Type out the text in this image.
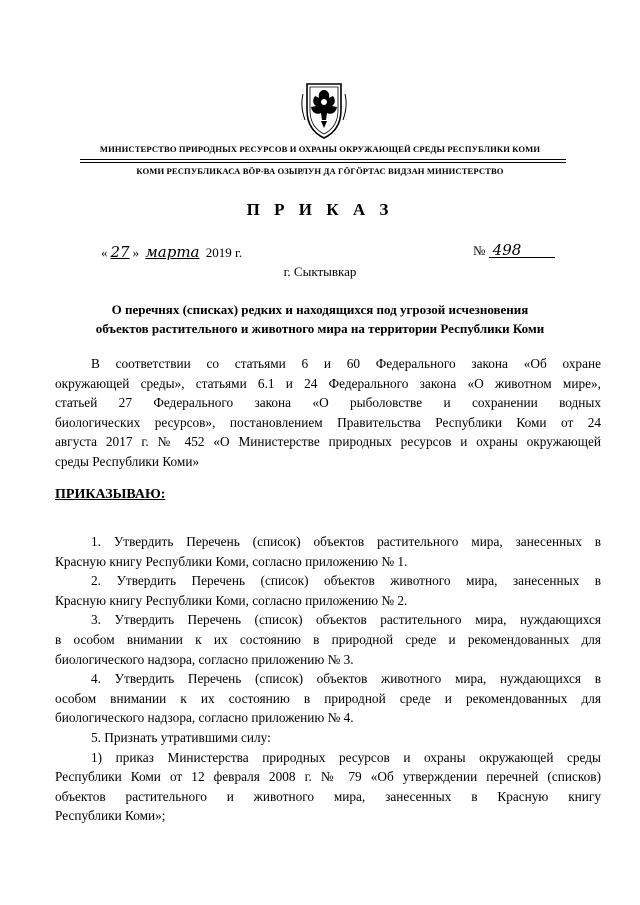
МИНИСТЕРСТВО ПРИРОДНЫХ РЕСУРСОВ И ОХРАНЫ ОКРУЖАЮЩЕЙ СРЕДЫ РЕСПУБЛИКИ КОМИ
КОМИ РЕСПУБЛИКАСА ВӦР-ВА ОЗЫРЛУН ДА ГӦГӦРТАС ВИДЗАН МИНИСТЕРСТВО
П Р И К А З
« 27 » марта 2019 г.	№ 498
г. Сыктывкар
О перечнях (списках) редких и находящихся под угрозой исчезновения
объектов растительного и животного мира на территории Республики Коми
В соответствии со статьями 6 и 60 Федерального закона «Об охране
окружающей среды», статьями 6.1 и 24 Федерального закона «О животном мире»,
статьей 27 Федерального закона «О рыболовстве и сохранении водных
биологических ресурсов», постановлением Правительства Республики Коми от 24
августа 2017 г. № 452 «О Министерстве природных ресурсов и охраны окружающей
среды Республики Коми»
ПРИКАЗЫВАЮ:
1. Утвердить Перечень (список) объектов растительного мира, занесенных в
Красную книгу Республики Коми, согласно приложению № 1.
2. Утвердить Перечень (список) объектов животного мира, занесенных в
Красную книгу Республики Коми, согласно приложению № 2.
3. Утвердить Перечень (список) объектов растительного мира, нуждающихся
в особом внимании к их состоянию в природной среде и рекомендованных для
биологического надзора, согласно приложению № 3.
4. Утвердить Перечень (список) объектов животного мира, нуждающихся в
особом внимании к их состоянию в природной среде и рекомендованных для
биологического надзора, согласно приложению № 4.
5. Признать утратившими силу:
1) приказ Министерства природных ресурсов и охраны окружающей среды
Республики Коми от 12 февраля 2008 г. № 79 «Об утверждении перечней (списков)
объектов растительного и животного мира, занесенных в Красную книгу
Республики Коми»;
